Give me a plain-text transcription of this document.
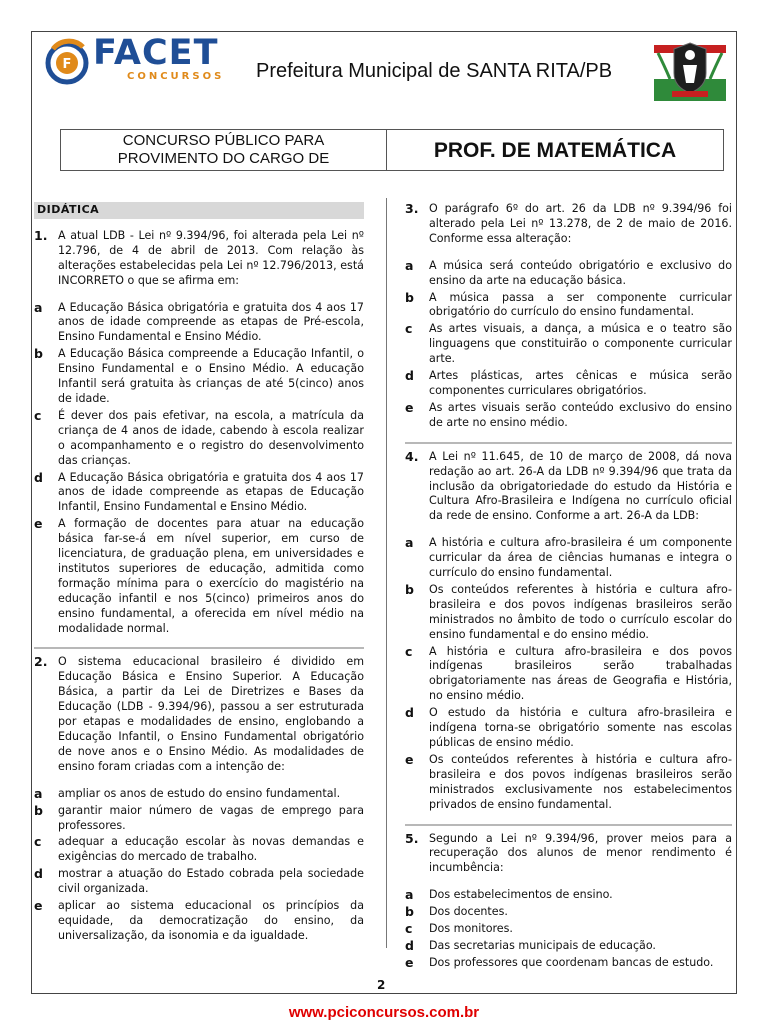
F FACET
CONCURSOS Prefeitura Municipal de SANTA RITA/PB
CONCURSO PÚBLICO PARA
PROVIMENTO DO CARGO DE	PROF. DE MATEMÁTICA
DIDÁTICA
1. A atual LDB - Lei nº 9.394/96, foi alterada pela Lei nº 12.796, de 4 de abril de 2013. Com relação às alterações estabelecidas pela Lei nº 12.796/2013, está INCORRETO o que se afirma em:
a	A Educação Básica obrigatória e gratuita dos 4 aos 17 anos de idade compreende as etapas de Pré-escola, Ensino Fundamental e Ensino Médio.
b	A Educação Básica compreende a Educação Infantil, o Ensino Fundamental e o Ensino Médio. A educação Infantil será gratuita às crianças de até 5(cinco) anos de idade.
c	É dever dos pais efetivar, na escola, a matrícula da criança de 4 anos de idade, cabendo à escola realizar o acompanhamento e o registro do desenvolvimento das crianças.
d	A Educação Básica obrigatória e gratuita dos 4 aos 17 anos de idade compreende as etapas de Educação Infantil, Ensino Fundamental e Ensino Médio.
e	A formação de docentes para atuar na educação básica far-se-á em nível superior, em curso de licenciatura, de graduação plena, em universidades e institutos superiores de educação, admitida como formação mínima para o exercício do magistério na educação infantil e nos 5(cinco) primeiros anos do ensino fundamental, a oferecida em nível médio na modalidade normal.
2. O sistema educacional brasileiro é dividido em Educação Básica e Ensino Superior. A Educação Básica, a partir da Lei de Diretrizes e Bases da Educação (LDB - 9.394/96), passou a ser estruturada por etapas e modalidades de ensino, englobando a Educação Infantil, o Ensino Fundamental obrigatório de nove anos e o Ensino Médio. As modalidades de ensino foram criadas com a intenção de:
a	ampliar os anos de estudo do ensino fundamental.
b	garantir maior número de vagas de emprego para professores.
c	adequar a educação escolar às novas demandas e exigências do mercado de trabalho.
d	mostrar a atuação do Estado cobrada pela sociedade civil organizada.
e	aplicar ao sistema educacional os princípios da equidade, da democratização do ensino, da universalização, da isonomia e da igualdade.
3. O parágrafo 6º do art. 26 da LDB nº 9.394/96 foi alterado pela Lei nº 13.278, de 2 de maio de 2016. Conforme essa alteração:
a	A música será conteúdo obrigatório e exclusivo do ensino da arte na educação básica.
b	A música passa a ser componente curricular obrigatório do currículo do ensino fundamental.
c	As artes visuais, a dança, a música e o teatro são linguagens que constituirão o componente curricular arte.
d	Artes plásticas, artes cênicas e música serão componentes curriculares obrigatórios.
e	As artes visuais serão conteúdo exclusivo do ensino de arte no ensino médio.
4. A Lei nº 11.645, de 10 de março de 2008, dá nova redação ao art. 26-A da LDB nº 9.394/96 que trata da inclusão da obrigatoriedade do estudo da História e Cultura Afro-Brasileira e Indígena no currículo oficial da rede de ensino. Conforme a art. 26-A da LDB:
a	A história e cultura afro-brasileira é um componente curricular da área de ciências humanas e integra o currículo do ensino fundamental.
b	Os conteúdos referentes à história e cultura afro-brasileira e dos povos indígenas brasileiros serão ministrados no âmbito de todo o currículo escolar do ensino fundamental e do ensino médio.
c	A história e cultura afro-brasileira e dos povos indígenas brasileiros serão trabalhadas obrigatoriamente nas áreas de Geografia e História, no ensino médio.
d	O estudo da história e cultura afro-brasileira e indígena torna-se obrigatório somente nas escolas públicas de ensino médio.
e	Os conteúdos referentes à história e cultura afro-brasileira e dos povos indígenas brasileiros serão ministrados exclusivamente nos estabelecimentos privados de ensino fundamental.
5. Segundo a Lei nº 9.394/96, prover meios para a recuperação dos alunos de menor rendimento é incumbência:
a	Dos estabelecimentos de ensino.
b	Dos docentes.
c	Dos monitores.
d	Das secretarias municipais de educação.
e	Dos professores que coordenam bancas de estudo.
2
www.pciconcursos.com.br
